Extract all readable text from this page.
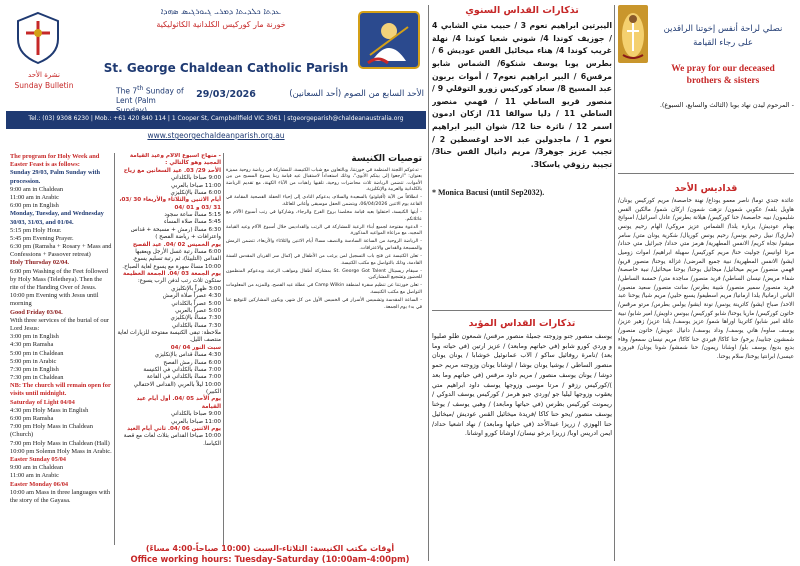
ܥܕܬܐ ܟܠܕܝܬܐ ܕܡܪܝ ܓܝܘܪܓܝܣ ܣܗܕܐ
خورنة مار كوركيس الكلدانية الكاثوليكية
نشرة الأحد
Sunday Bulletin
St. George Chaldean Catholic Parish
The 7th Sunday of
Lent (Palm
29/03/2026	الأحد السابع من الصوم (أحد السعانين)
Tel.: (03) 9308 6230 | Mob.: +61 420 840 114 | 1 Cooper St, Campbellfield VIC 3061 | stgeorgeparish@chaldeanaustralia.org
www.stgeorgechaldeanparish.org.au
The program for Holy Week and Easter Feast is as follows:
Sunday 29/03, Palm Sunday with procession.
9:00 am in Chaldean
11:00 am in Arabic
6:00 pm in English
Monday, Tuesday, and Wednesday
30/03, 31/03, and 01/04.
5:15 pm Holy Hour.
5:45 pm Evening Prayer.
6:30 pm (Ramsha + Rosary + Mass and Confessions + Passover retreat)
Holy Thursday 02/04.
6:00 pm Washing of the Feet followed by Holy Mass (Teletheya). Then the rite of the Handing Over of Jesus.
10:00 pm Evening with Jesus until morning
Good Friday 03/04.
With three services of the burial of our Lord Jesus:
3:00 pm in English
4:30 pm Ramsha
5:00 pm in Chaldean
5:00 pm in Arabic
7:30 pm in English
7:30 pm in Chaldean
NB: The church will remain open for visits until midnight.
Saturday of Light 04/04
4:30 pm Holy Mass in English
6:00 pm Ramsha
7:00 pm Holy Mass in Chaldean (Church)
7:00 pm Holy Mass in Chaldean (Hall)
10:00 pm Solemn Holy Mass in Arabic.
Easter Sunday 05/04
9:00 am in Chaldean
11:00 am in Arabic
Easter Monday 06/04
10:00 am Mass in three languages with the story of the Gayasa.
- منهاج أسبوع الآلام وعيد القيامة المجيد وهو كالتالي :
الأحد 29/ 03. عيد السعانين مع زياح
9:00 صباحا بالكلداني
11:00 صباحا بالعربي
6:00 مساءً بالإنكليزي
أيام الاثنين والثلاثاء والأربعاء 30 /03، 31 /03 و 01 /04
5:15 مساءً ساعة سجود
5:45 مساءً صلاة المساء
6:30 مساءً (رمش + مسبحة + قداس واعترافات + رياضة الفصح )
يوم الخميس 02 /04. عيد الفصح
6:00 مساءً رتبة غسل الأرجل ويعقبها القداس (التلييثا)، ثم رتبة تسليم يسوع.
10:00 مساءً سهرة مع يسوع لغاية الصباح.
يوم الجمعة 03 /04. الجمعة العظيمة
ستكون ثلاث رتب لدفن الرب يسوع:
3:00 ظهراً بالإنكليزي
4:30 عصراً صلاة الرمش
5:00 عصراً بالكلداني
5:00 عصراً بالعربي
7:30 مساءً بالإنكليزي
7:30 مساءً بالكلداني
ملاحظة: تبقى الكنيسة مفتوحة للزيارات لغاية منتصف الليل.
سبت النور 04 /04
4:30 مساءً قداس بالإنكليزي
6:00 مساءً رمش الفصح
7:00 مساءً بالكلداني في الكنيسة
7:00 مساءً بالكلداني في القاعة
10:00 ليلاً بالعربي (القداس الاحتفالي الكبير)
يوم الأحد 05 /04. أول أيام عيد القيامة
9:00 صباحا بالكلداني
11:00 صباحا بالعربي
يوم الاثنين 06 /04. ثاني أيام العيد
10:00 صباحا القداس بثلاث لغات مع قصة الكياسا.
توصيات الكنيسة

- تدعوكم اللجنة المنظمة في خورنتنا، وبالتعاون مع شباب الكنيسة، للمشاركة في رياضة روحية مميزة بعنوان: "ارجعوا إلى بيتكم الأبوي"، وذلك استعداداً لاستقبال عيد قيامة ربنا يسوع المسيح من بين الأموات. تتضمن الرياضة ثلاث محاضرات روحية، تلقيها راهبات من الآباء الكهنة، مع تقديم الرياضة بالكلدانية والعربية والإنكليزية.

- انطلاقاً من الآية (أفيلوثو) بالسعيدة والسلام، يدعوكم النادي إلى إحياء الحفلة الفصحية المقامة في القاعة يوم الاثنين 06/04/2026، ويتضمن الحفل موسيقى وأغاني للعائلة.

- أيتها الكنيسة، احتفلوا بعيد قيامة مخلصنا بروح الفرح والرجاء، وشاركوا في رتب أسبوع الآلام مع عائلاتكم.

- الدعوة مفتوحة لجميع أبناء الرعية للمشاركة في الرتب والقداديس خلال أسبوع الآلام وعيد القيامة المجيد، مع مراعاة المواعيد المذكورة.

- الرياضة الروحية من الساعة السادسة والنصف مساءً أيام الاثنين والثلاثاء والأربعاء، تتضمن الرمش والمسبحة والقداس والاعترافات.

- تعلن الكنيسة عن فتح باب التسجيل لمن يرغب من الأطفال في إكمال سر القربان المقدس للسنة القادمة، وذلك بالتواصل مع مكتب الكنيسة.

- سيقام ريسيتال St. George Got Talent بمشاركة أطفال ومواهب الرعية، ويدعوكم المنظمون للحضور وتشجيع المشاركين.

- تعلن خورنتنا عن تنظيم سفرة لمنطقة Camp Wilkin في عطلة عيد الفصح، وللمزيد من المعلومات التواصل مع مكتب الكنيسة.

- الساعة المقدسة وتشميس الأسرار في الخميس الأول من كل شهر، ويكون المشاركين للتوقيع عنا في بدء يوم الجمعة.

أوقات مكتب الكنيسة: الثلاثاء-السبت (10:00 صباحاً-4:00 مساءً)
Office working hours: Tuesday-Saturday (10:00am-4:00pm)
تذكارات القداس السنوي
اليبرتين ابراهيم نعوم 3 / حبيب متي الشابي 4 / جوزيف كوندا 4/ شوني شعيا كوندا 4/ نهلة غريب كوندا 4/ هناء ميخائيل القس عوديش 6 / بطرس يوبا يوسف شنكو6/ الشماس شابو مرقس6 / البير ابراهيم نعوم7 / أموات بربون عبد المسيح 8/ سعاد كوركيس زورو التوقلي 9 / منصور قريو الساطي 11 / فهمي منصور الساطي 11 / دليا سوالقا 11/ ازكان ادمون اسمر 12 / ناثرة حنا 12/ شوان البير ابراهيم نعوم 1 / ماجدولين عبد الاحد اوغسطين 2 / تجيب عزيز جوهر3/ مريم دانيال القس حنا3/ تجيبة رزوقي ياسكا3.
* Monica Bacusi (until Sep2032).
تذكارات القداس المؤبد
يوسف منصور جنو وزوجته جميلة منصور مرقس/ شمعون طلو صليوا و وردي كورو شابو (في حياتهم ومابعد) / عزيز ارتين (في حياته وما بعد) /نامرة روفائيل ساكو / الاب عمانوئيل خوشابا / يونان يونان منصور الساطي / يوشيا يونان بوشا / اوشانا يونان وزوجته مريم حمو دوشا / يونان يوسف منصور / مريم داود مرقس (في حياتهم وما بعد )/كوركيس رزقو / مرتا موسى وزوجها يوسف داود ابراهيم متي يعقوب وزوجها ليليا جو /وردي جبو هرمز / كوركيس يوسف الدوكي / ريمونت كوركيس بطرس (في حياتها ومابعد) / وهبي يوسف / يوخنا يوسف منصور /بحو حنا كاكا /فريدة ميخائيل القس عوديش /ميخائيل حنا الهوزي / زريزا عبدالأحد (في حياتها ومابعد) / نهاد اشعيا حداد/ ايمن ادريس اوبا/ زريزا برخو نيسان/ اوشانا كورو اوشانا.
نصلي لراحة أنفس إخوتنا الراقدين
على رجاء القيامة
We pray for our deceased
brothers & sisters
- المرحوم ليدن نهاد بوبا (الثالث والسابع، السبوع).
قداديس الأحد
عائدة جندي توما/ ناصر معمو يوداع/ نهنة خاصصة/ مريم كوركيس يونان/ هاويل بلقه/ عكوبي شمون/ نزهت شمون/ اركان شمو/ مالكين القس شليمون/ نبيه خاصصة/ حنا كوركيس/ هيلانة بطرس/ عادل اسرائيل/ اسوانخ بهنام عوديش/ يربارة يلدا/ الشماس عزيز مروكي/ الهام رحيم يونس (ماري)/ نبيل رحيم يونس/ رحيم يونس كوريال/ شكرية يونان متي/ سامر ميشو/ نجاة كريم/ الانفس المطهرية/ هرمز متي حداد/ جبرائيل متي حداد/ مرتا اوانيس/ جوليت حنا/ مريم كوركيس/ سهيلة ابراهيم/ اموات زوميل ايشو/ الانفس المطهرية/ نبية جميع المرضى/ غزالة يوحنا/ منصور قريو/ قهمي منصور/ مريم ميخائيل/ ميخائيل يوحنا/ يوحنا ميخائيل/ نبية خاصصة/ شفاء مريض/ نيسان الساطي/ فريد منصور/ ساجدة متي/ خمسة الساطي/ فريد منصور/ سمير منصور/ شيبة بطرس/ سانت منصور/ سعيد منصور/ الياس ارمانيا/ يلدا ارمانيا/ مريم اسطيفو/ يسبع حليي/ مريم شيا/ يوحنا عبد الاحد/ صباح ايشو/ كاترينة يونس/ نونة ايشو/ يولس بطرس/ مرتو مرقس/ خاتون كوركيس/ ماريا يوحنا/ شابو كوركيس/ بيونس داويش/ امير شابو/ نبية عائلة امير شابو/ كاترينا اوراها شمو/ عزيز يوسف/ يلدا عزيز/ زهير عزيز/ يوسف ساوه/ هاني يوسف/ وداد يوسف/ دانيال عويش/ خاتون منصور/ شمشون جنابيد/ يرخو/ حنا كاكا/ فيردي حنا كاكا/ مريم نيسان سمعو/ وفاء بديع بديع/ يوسف بلو/ اوشانا ريمون/ حنا شمشو/ شونا يونان/ فيروزة عيسى/ ابرانتيا يوخنا/ سلام يوحنا.
